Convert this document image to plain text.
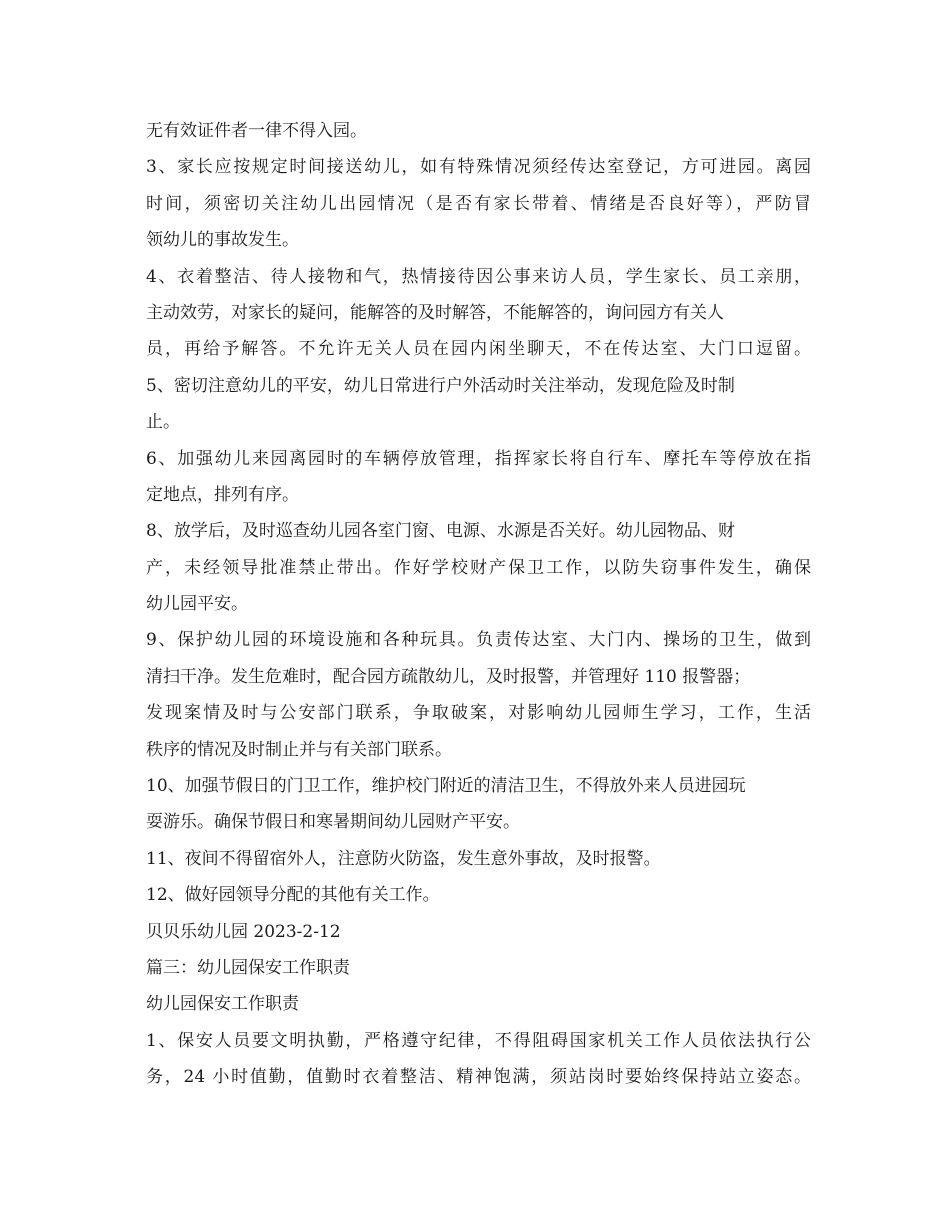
无有效证件者一律不得入园。
3、家长应按规定时间接送幼儿，如有特殊情况须经传达室登记，方可进园。离园
时间，须密切关注幼儿出园情况（是否有家长带着、情绪是否良好等），严防冒
领幼儿的事故发生。
4、衣着整洁、待人接物和气，热情接待因公事来访人员，学生家长、员工亲朋，
主动效劳，对家长的疑问，能解答的及时解答，不能解答的，询问园方有关人
员，再给予解答。不允许无关人员在园内闲坐聊天，不在传达室、大门口逗留。
5、密切注意幼儿的平安，幼儿日常进行户外活动时关注举动，发现危险及时制
止。
6、加强幼儿来园离园时的车辆停放管理，指挥家长将自行车、摩托车等停放在指
定地点，排列有序。
8、放学后，及时巡查幼儿园各室门窗、电源、水源是否关好。幼儿园物品、财
产，未经领导批准禁止带出。作好学校财产保卫工作，以防失窃事件发生，确保
幼儿园平安。
9、保护幼儿园的环境设施和各种玩具。负责传达室、大门内、操场的卫生，做到
清扫干净。发生危难时，配合园方疏散幼儿，及时报警，并管理好 110 报警器；
发现案情及时与公安部门联系，争取破案，对影响幼儿园师生学习，工作，生活
秩序的情况及时制止并与有关部门联系。
10、加强节假日的门卫工作，维护校门附近的清洁卫生，不得放外来人员进园玩
耍游乐。确保节假日和寒暑期间幼儿园财产平安。
11、夜间不得留宿外人，注意防火防盗，发生意外事故，及时报警。
12、做好园领导分配的其他有关工作。
贝贝乐幼儿园 2023-2-12
篇三：幼儿园保安工作职责
幼儿园保安工作职责
1、保安人员要文明执勤，严格遵守纪律，不得阻碍国家机关工作人员依法执行公
务，24 小时值勤，值勤时衣着整洁、精神饱满，须站岗时要始终保持站立姿态。
